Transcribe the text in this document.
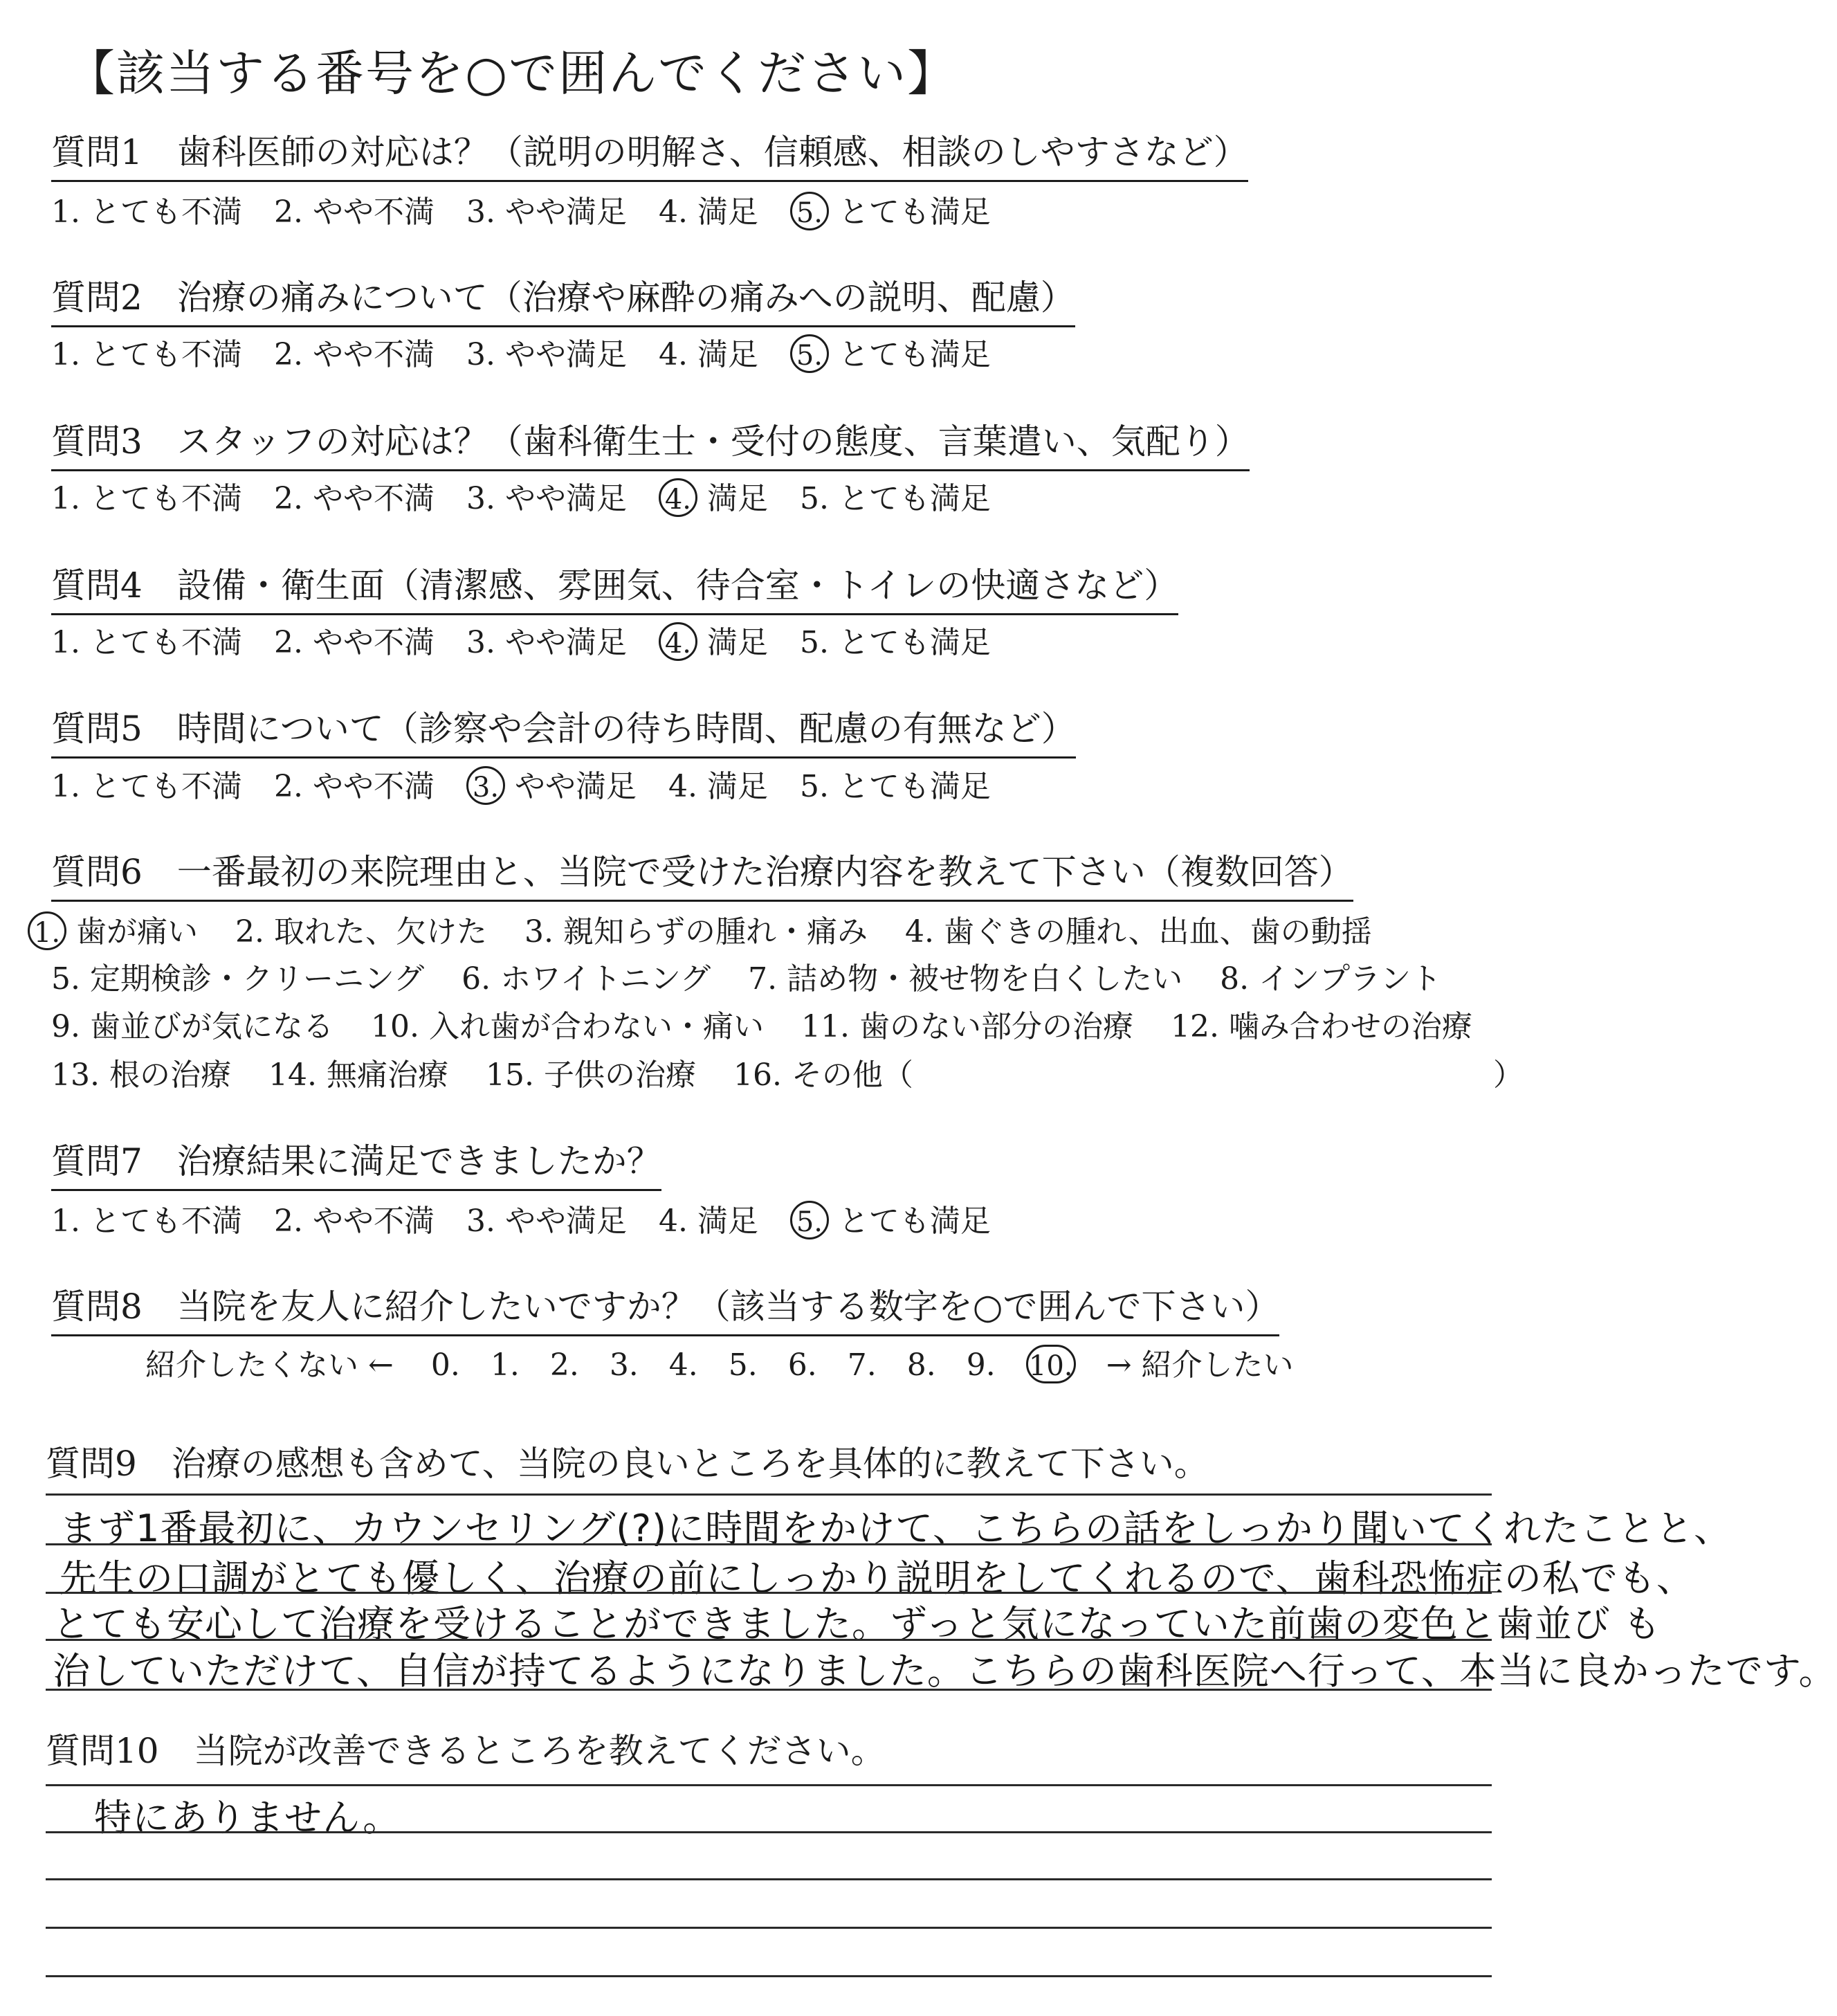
【該当する番号を○で囲んでください】
質問1　歯科医師の対応は？（説明の明解さ、信頼感、相談のしやすさなど）
1. とても不満 2. やや不満 3. やや満足 4. 満足 5. とても満足
質問2　治療の痛みについて（治療や麻酔の痛みへの説明、配慮）
1. とても不満 2. やや不満 3. やや満足 4. 満足 5. とても満足
質問3　スタッフの対応は？（歯科衛生士・受付の態度、言葉遣い、気配り）
1. とても不満 2. やや不満 3. やや満足 4. 満足 5. とても満足
質問4　設備・衛生面（清潔感、雰囲気、待合室・トイレの快適さなど）
1. とても不満 2. やや不満 3. やや満足 4. 満足 5. とても満足
質問5　時間について（診察や会計の待ち時間、配慮の有無など）
1. とても不満 2. やや不満 3. やや満足 4. 満足 5. とても満足
質問6　一番最初の来院理由と、当院で受けた治療内容を教えて下さい（複数回答）
1. 歯が痛い 2. 取れた、欠けた 3. 親知らずの腫れ・痛み 4. 歯ぐきの腫れ、出血、歯の動揺
5. 定期検診・クリーニング 6. ホワイトニング 7. 詰め物・被せ物を白くしたい 8. インプラント
9. 歯並びが気になる 10. 入れ歯が合わない・痛い 11. 歯のない部分の治療 12. 噛み合わせの治療
13. 根の治療 14. 無痛治療 15. 子供の治療 16. その他（	）
質問7　治療結果に満足できましたか？
1. とても不満 2. やや不満 3. やや満足 4. 満足 5. とても満足
質問8　当院を友人に紹介したいですか？（該当する数字を○で囲んで下さい）
紹介したくない ← 0. 1. 2. 3. 4. 5. 6. 7. 8. 9. 10. → 紹介したい
質問9　治療の感想も含めて、当院の良いところを具体的に教えて下さい。
まず1番最初に、カウンセリング(?)に時間をかけて、こちらの話をしっかり聞いてくれたことと、
先生の口調がとても優しく、治療の前にしっかり説明をしてくれるので、歯科恐怖症の私でも、
とても安心して治療を受けることができました。ずっと気になっていた前歯の変色と歯並び も
治していただけて、自信が持てるようになりました。こちらの歯科医院へ行って、本当に良かったです。
質問10　当院が改善できるところを教えてください。
特にありません。
